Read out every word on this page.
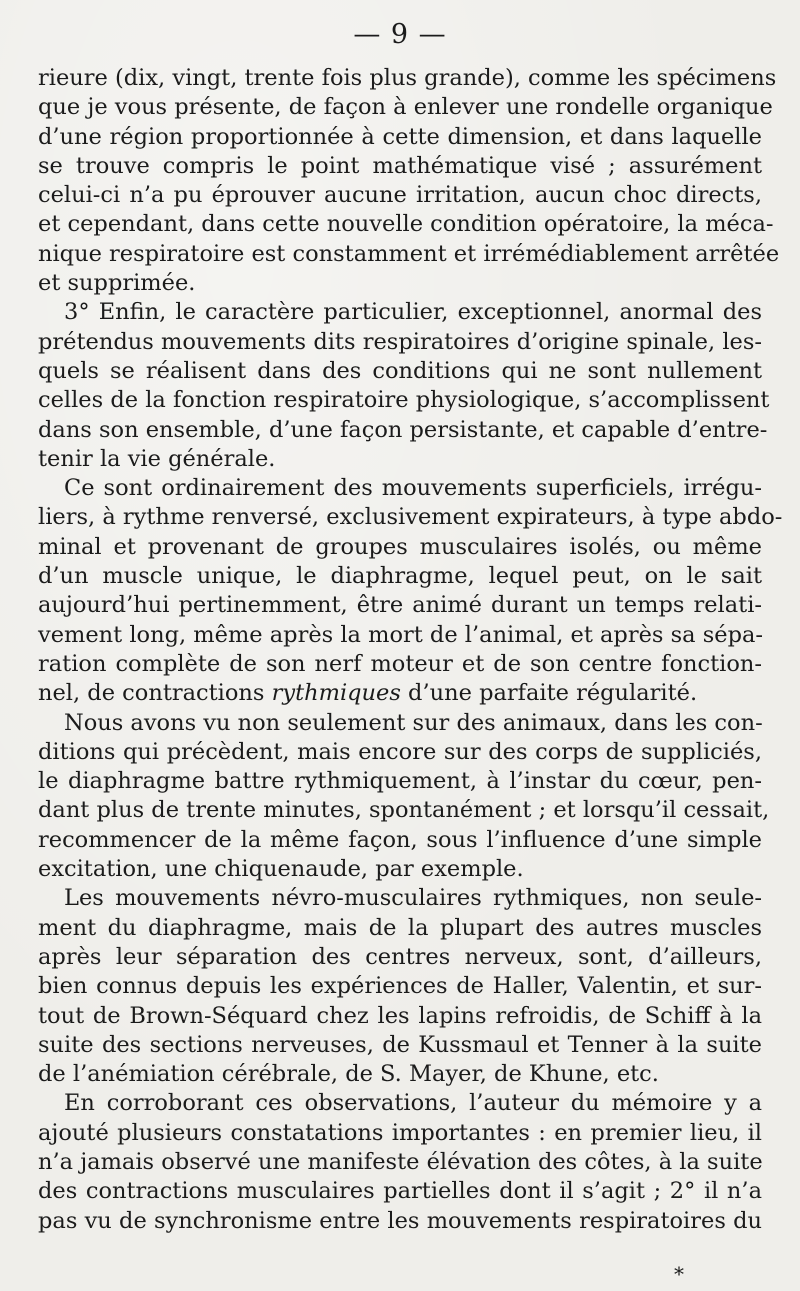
— 9 —
rieure (dix, vingt, trente fois plus grande), comme les spécimens
que je vous présente, de façon à enlever une rondelle organique
d’une région proportionnée à cette dimension, et dans laquelle
se trouve compris le point mathématique visé ; assurément
celui-ci n’a pu éprouver aucune irritation, aucun choc directs,
et cependant, dans cette nouvelle condition opératoire, la méca-
nique respiratoire est constamment et irrémédiablement arrêtée
et supprimée.
3° Enfin, le caractère particulier, exceptionnel, anormal des
prétendus mouvements dits respiratoires d’origine spinale, les-
quels se réalisent dans des conditions qui ne sont nullement
celles de la fonction respiratoire physiologique, s’accomplissent
dans son ensemble, d’une façon persistante, et capable d’entre-
tenir la vie générale.
Ce sont ordinairement des mouvements superficiels, irrégu-
liers, à rythme renversé, exclusivement expirateurs, à type abdo-
minal et provenant de groupes musculaires isolés, ou même
d’un muscle unique, le diaphragme, lequel peut, on le sait
aujourd’hui pertinemment, être animé durant un temps relati-
vement long, même après la mort de l’animal, et après sa sépa-
ration complète de son nerf moteur et de son centre fonction-
nel, de contractions rythmiques d’une parfaite régularité.
Nous avons vu non seulement sur des animaux, dans les con-
ditions qui précèdent, mais encore sur des corps de suppliciés,
le diaphragme battre rythmiquement, à l’instar du cœur, pen-
dant plus de trente minutes, spontanément ; et lorsqu’il cessait,
recommencer de la même façon, sous l’influence d’une simple
excitation, une chiquenaude, par exemple.
Les mouvements névro-musculaires rythmiques, non seule-
ment du diaphragme, mais de la plupart des autres muscles
après leur séparation des centres nerveux, sont, d’ailleurs,
bien connus depuis les expériences de Haller, Valentin, et sur-
tout de Brown-Séquard chez les lapins refroidis, de Schiff à la
suite des sections nerveuses, de Kussmaul et Tenner à la suite
de l’anémiation cérébrale, de S. Mayer, de Khune, etc.
En corroborant ces observations, l’auteur du mémoire y a
ajouté plusieurs constatations importantes : en premier lieu, il
n’a jamais observé une manifeste élévation des côtes, à la suite
des contractions musculaires partielles dont il s’agit ; 2° il n’a
pas vu de synchronisme entre les mouvements respiratoires du
*
